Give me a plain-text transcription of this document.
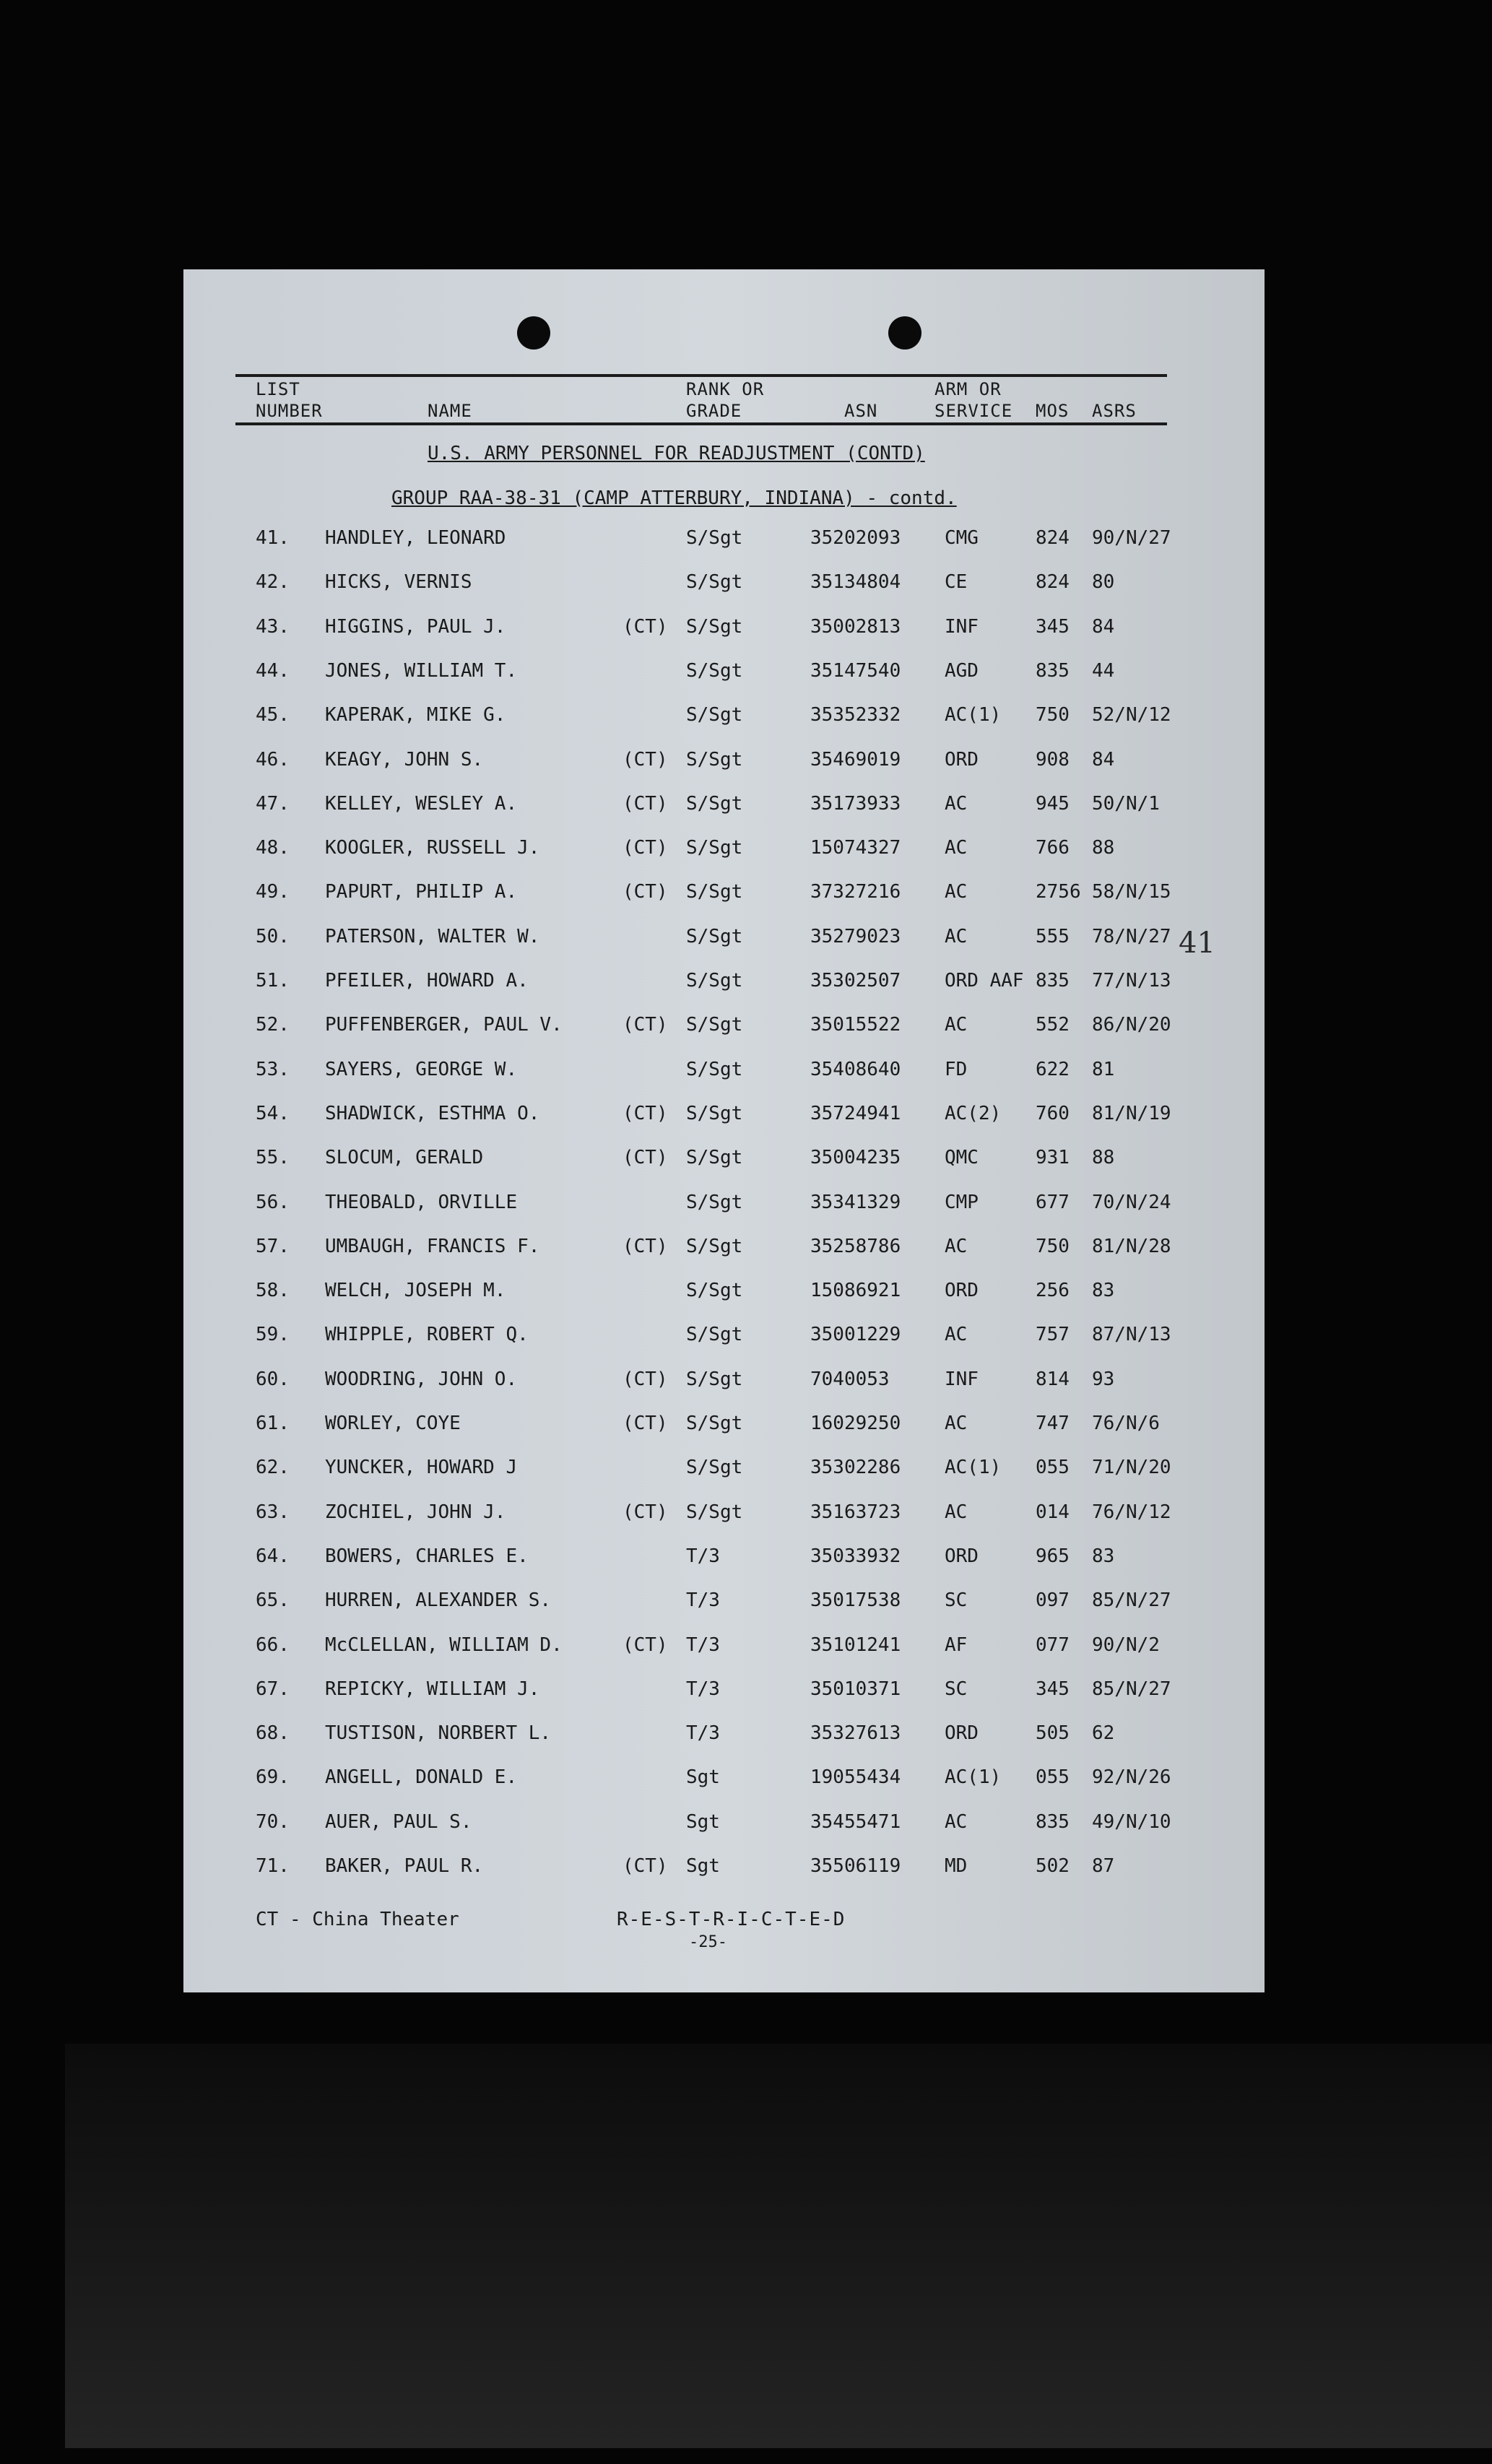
LIST
NUMBER	NAME
RANK OR
GRADE	ASN
ARM OR
SERVICE MOS ASRS
U.S. ARMY PERSONNEL FOR READJUSTMENT (CONTD)
GROUP RAA-38-31 (CAMP ATTERBURY, INDIANA) - contd.
41. HANDLEY, LEONARD	S/Sgt	35202093 CMG	824 90/N/27
42. HICKS, VERNIS	S/Sgt	35134804 CE	824 80
43. HIGGINS, PAUL J.	(CT) S/Sgt	35002813 INF	345 84
44. JONES, WILLIAM T.	S/Sgt	35147540 AGD	835 44
45. KAPERAK, MIKE G.	S/Sgt	35352332 AC(1) 750 52/N/12
46. KEAGY, JOHN S.	(CT) S/Sgt	35469019 ORD	908 84
47. KELLEY, WESLEY A.	(CT) S/Sgt	35173933 AC	945 50/N/1
48. KOOGLER, RUSSELL J.	(CT) S/Sgt	15074327 AC	766 88
49. PAPURT, PHILIP A.	(CT) S/Sgt	37327216 AC	2756 58/N/15
50. PATERSON, WALTER W.	S/Sgt	35279023 AC	555 78/N/27
51. PFEILER, HOWARD A.	S/Sgt	35302507 ORD AAF 835 77/N/13
52. PUFFENBERGER, PAUL V.	(CT) S/Sgt	35015522 AC	552 86/N/20
53. SAYERS, GEORGE W.	S/Sgt	35408640 FD	622 81
54. SHADWICK, ESTHMA O.	(CT) S/Sgt	35724941 AC(2) 760 81/N/19
55. SLOCUM, GERALD	(CT) S/Sgt	35004235 QMC	931 88
56. THEOBALD, ORVILLE	S/Sgt	35341329 CMP	677 70/N/24
57. UMBAUGH, FRANCIS F.	(CT) S/Sgt	35258786 AC	750 81/N/28
58. WELCH, JOSEPH M.	S/Sgt	15086921 ORD	256 83
59. WHIPPLE, ROBERT Q.	S/Sgt	35001229 AC	757 87/N/13
60. WOODRING, JOHN O.	(CT) S/Sgt	7040053	INF	814 93
61. WORLEY, COYE	(CT) S/Sgt	16029250 AC	747 76/N/6
62. YUNCKER, HOWARD J	S/Sgt	35302286 AC(1) 055 71/N/20
63. ZOCHIEL, JOHN J.	(CT) S/Sgt	35163723 AC	014 76/N/12
64. BOWERS, CHARLES E.	T/3	35033932 ORD	965 83
65. HURREN, ALEXANDER S.	T/3	35017538 SC	097 85/N/27
66. McCLELLAN, WILLIAM D.	(CT) T/3	35101241 AF	077 90/N/2
67. REPICKY, WILLIAM J.	T/3	35010371 SC	345 85/N/27
68. TUSTISON, NORBERT L.	T/3	35327613 ORD	505 62
69. ANGELL, DONALD E.	Sgt	19055434 AC(1) 055 92/N/26
70. AUER, PAUL S.	Sgt	35455471 AC	835 49/N/10
71. BAKER, PAUL R.	(CT) Sgt	35506119 MD	502 87
41
CT - China Theater	R-E-S-T-R-I-C-T-E-D
-25-
